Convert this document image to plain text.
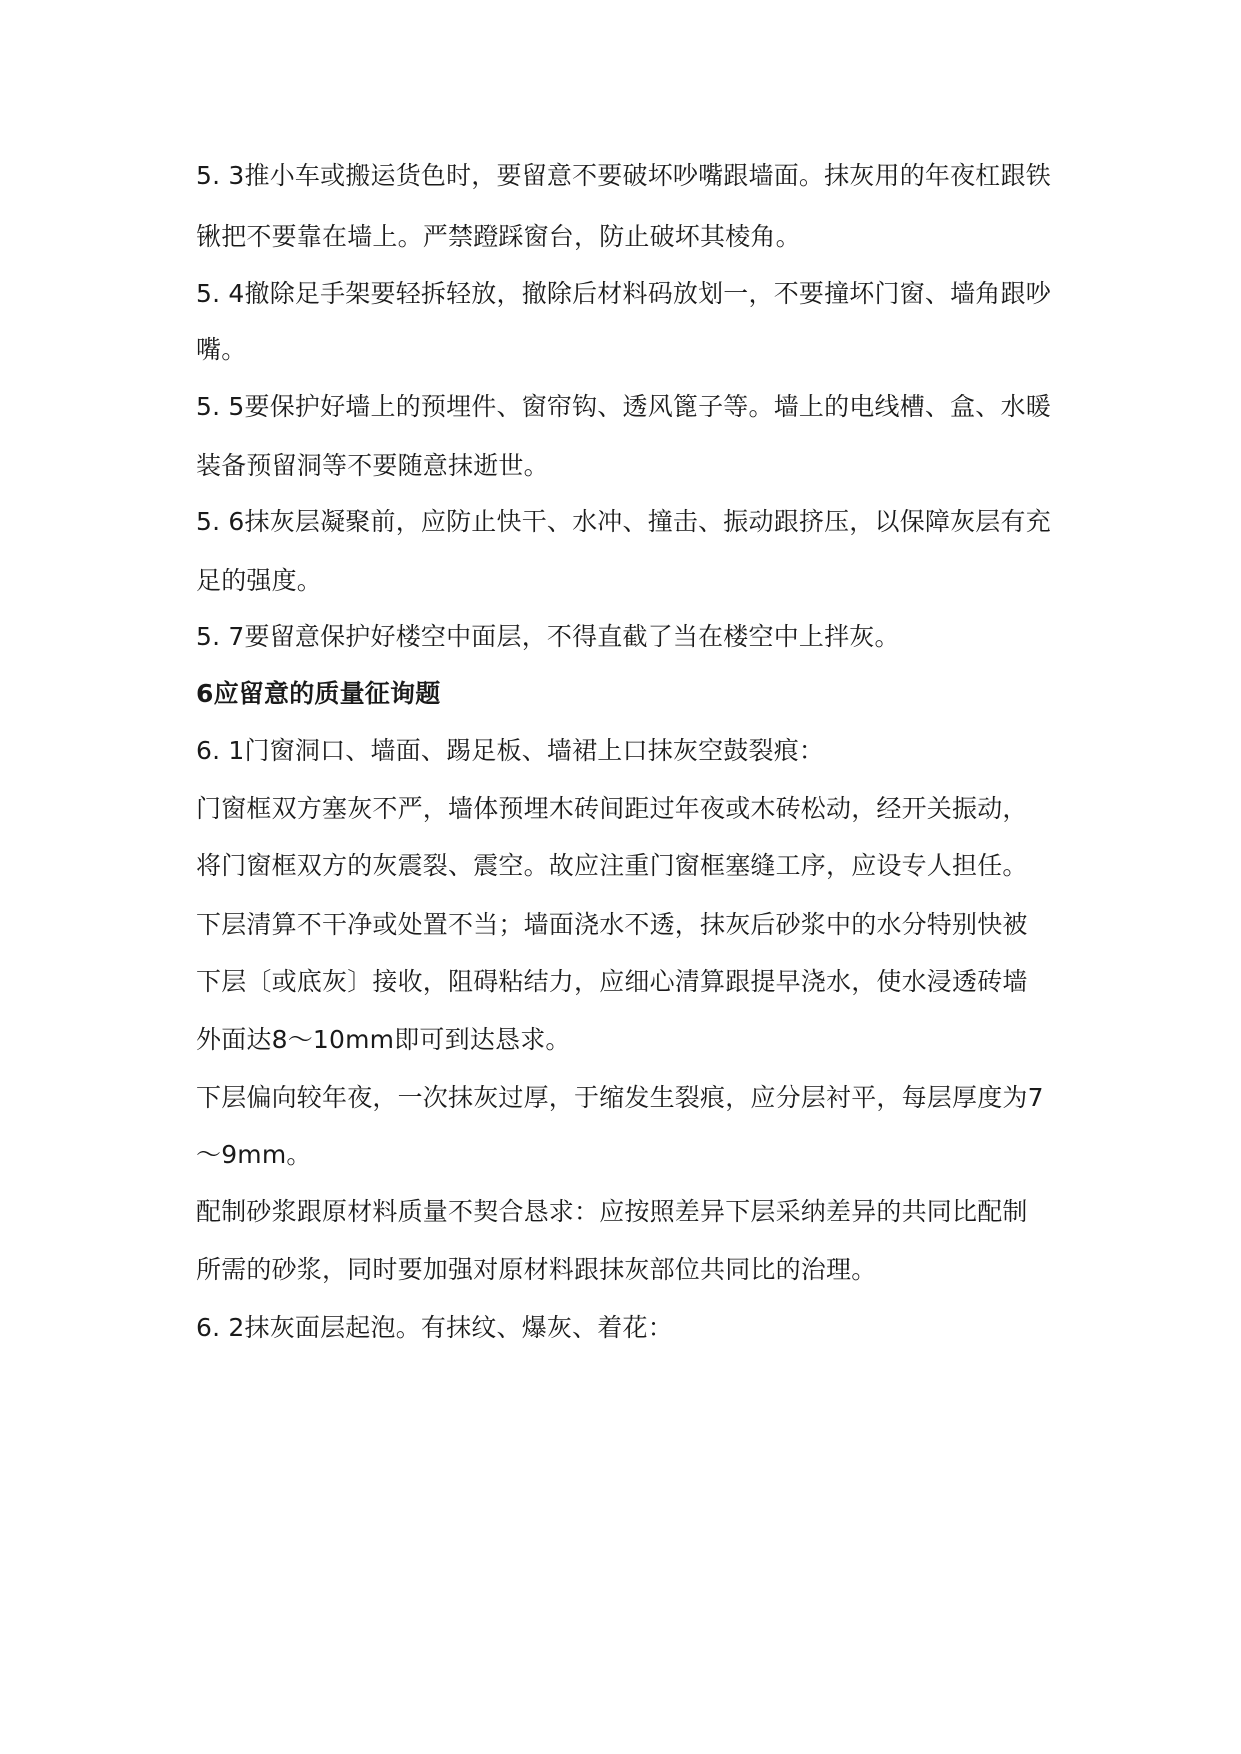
5. 3推小车或搬运货色时，要留意不要破坏吵嘴跟墙面。抹灰用的年夜杠跟铁
锹把不要靠在墙上。严禁蹬踩窗台，防止破坏其棱角。
5. 4撤除足手架要轻拆轻放，撤除后材料码放划一，不要撞坏门窗、墙角跟吵
嘴。
5. 5要保护好墙上的预埋件、窗帘钩、透风篦子等。墙上的电线槽、盒、水暖
装备预留洞等不要随意抹逝世。
5. 6抹灰层凝聚前，应防止快干、水冲、撞击、振动跟挤压，以保障灰层有充
足的强度。
5. 7要留意保护好楼空中面层，不得直截了当在楼空中上拌灰。
6应留意的质量征询题
6. 1门窗洞口、墙面、踢足板、墙裙上口抹灰空鼓裂痕：
门窗框双方塞灰不严，墙体预埋木砖间距过年夜或木砖松动，经开关振动，
将门窗框双方的灰震裂、震空。故应注重门窗框塞缝工序，应设专人担任。
下层清算不干净或处置不当；墙面浇水不透，抹灰后砂浆中的水分特别快被
下层〔或底灰〕接收，阻碍粘结力，应细心清算跟提早浇水，使水浸透砖墙
外面达8～10mm即可到达恳求。
下层偏向较年夜，一次抹灰过厚，于缩发生裂痕，应分层衬平，每层厚度为7
～9mm。
配制砂浆跟原材料质量不契合恳求：应按照差异下层采纳差异的共同比配制
所需的砂浆，同时要加强对原材料跟抹灰部位共同比的治理。
6. 2抹灰面层起泡。有抹纹、爆灰、着花：
